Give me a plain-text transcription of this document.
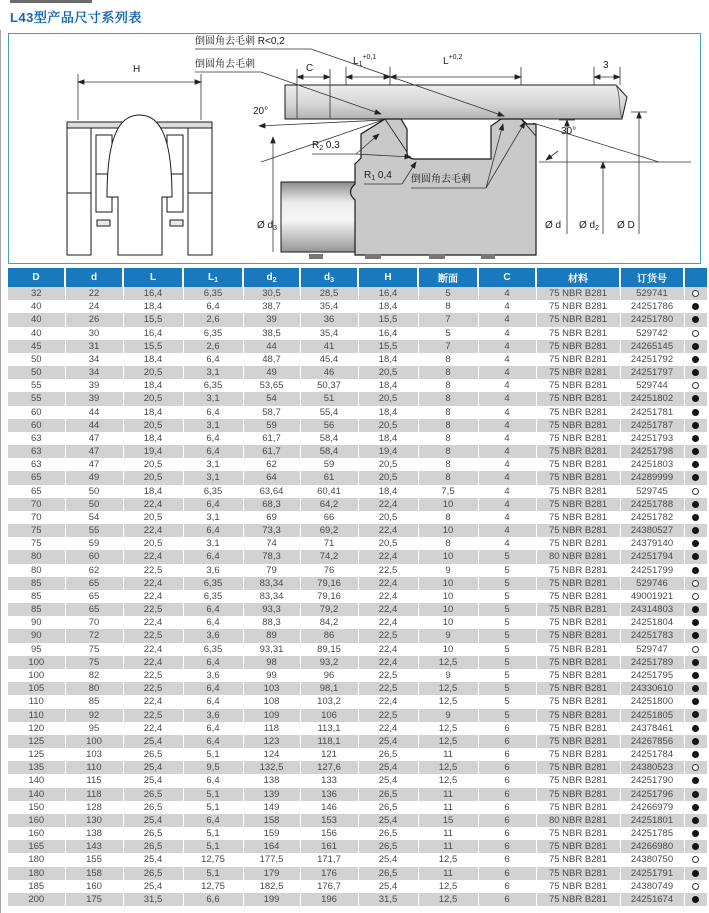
L43型产品尺寸系列表
倒圆角去毛刺 R<0,2
倒圆角去毛刺
H	C
$L_1^{+0,1}$	$L^{+0,2}$
3
20°
$R_2$ 0,3
$R_1$ 0,4 倒圆角去毛刺
30°
Ø $d_3$	Ø d Ø $d_2$ Ø D
D	d	L	$L_1$	$d_2$	$d_3$	H	断面	C	材料	订货号	
32	22	16,4	6,35	30,5	28,5	16,4	5	4	75 NBR B281	529741	
40	24	18,4	6,4	38,7	35,4	18,4	8	4	75 NBR B281	24251786	
40	26	15,5	2,6	39	36	15,5	7	4	75 NBR B281	24251780	
40	30	16,4	6,35	38,5	35,4	16,4	5	4	75 NBR B281	529742	
45	31	15,5	2,6	44	41	15,5	7	4	75 NBR B281	24265145	
50	34	18,4	6,4	48,7	45,4	18,4	8	4	75 NBR B281	24251792	
50	34	20,5	3,1	49	46	20,5	8	4	75 NBR B281	24251797	
55	39	18,4	6,35	53,65	50,37	18,4	8	4	75 NBR B281	529744	
55	39	20,5	3,1	54	51	20,5	8	4	75 NBR B281	24251802	
60	44	18,4	6,4	58,7	55,4	18,4	8	4	75 NBR B281	24251781	
60	44	20,5	3,1	59	56	20,5	8	4	75 NBR B281	24251787	
63	47	18,4	6,4	61,7	58,4	18,4	8	4	75 NBR B281	24251793	
63	47	19,4	6,4	61,7	58,4	19,4	8	4	75 NBR B281	24251798	
63	47	20,5	3,1	62	59	20,5	8	4	75 NBR B281	24251803	
65	49	20,5	3,1	64	61	20,5	8	4	75 NBR B281	24289999	
65	50	18,4	6,35	63,64	60,41	18,4	7,5	4	75 NBR B281	529745	
70	50	22,4	6,4	68,3	64,2	22,4	10	4	75 NBR B281	24251788	
70	54	20,5	3,1	69	66	20,5	8	4	75 NBR B281	24251782	
75	55	22,4	6,4	73,3	69,2	22,4	10	4	75 NBR B281	24380527	
75	59	20,5	3,1	74	71	20,5	8	4	75 NBR B281	24379140	
80	60	22,4	6,4	78,3	74,2	22,4	10	5	80 NBR B281	24251794	
80	62	22,5	3,6	79	76	22,5	9	5	75 NBR B281	24251799	
85	65	22,4	6,35	83,34	79,16	22,4	10	5	75 NBR B281	529746	
85	65	22,4	6,35	83,34	79,16	22,4	10	5	75 NBR B281	49001921	
85	65	22,5	6,4	93,3	79,2	22,4	10	5	75 NBR B281	24314803	
90	70	22,4	6,4	88,3	84,2	22,4	10	5	75 NBR B281	24251804	
90	72	22,5	3,6	89	86	22,5	9	5	75 NBR B281	24251783	
95	75	22,4	6,35	93,31	89,15	22,4	10	5	75 NBR B281	529747	
100	75	22,4	6,4	98	93,2	22,4	12,5	5	75 NBR B281	24251789	
100	82	22,5	3,6	99	96	22,5	9	5	75 NBR B281	24251795	
105	80	22,5	6,4	103	98,1	22,5	12,5	5	75 NBR B281	24330610	
110	85	22,4	6,4	108	103,2	22,4	12,5	5	75 NBR B281	24251800	
110	92	22,5	3,6	109	106	22,5	9	5	75 NBR B281	24251805	
120	95	22,4	6,4	118	113,1	22,4	12,5	6	75 NBR B281	24378461	
125	100	25,4	6,4	123	118,1	25,4	12,5	6	75 NBR B281	24267856	
125	103	26,5	5,1	124	121	26,5	11	6	75 NBR B281	24251784	
135	110	25,4	9,5	132,5	127,6	25,4	12,5	6	75 NBR B281	24380523	
140	115	25,4	6,4	138	133	25,4	12,5	6	75 NBR B281	24251790	
140	118	26,5	5,1	139	136	26,5	11	6	75 NBR B281	24251796	
150	128	26,5	5,1	149	146	26,5	11	6	75 NBR B281	24266979	
160	130	25,4	6,4	158	153	25,4	15	6	80 NBR B281	24251801	
160	138	26,5	5,1	159	156	26,5	11	6	75 NBR B281	24251785	
165	143	26,5	5,1	164	161	26,5	11	6	75 NBR B281	24266980	
180	155	25,4	12,75	177,5	171,7	25,4	12,5	6	75 NBR B281	24380750	
180	158	26,5	5,1	179	176	26,5	11	6	75 NBR B281	24251791	
185	160	25,4	12,75	182,5	176,7	25,4	12,5	6	75 NBR B281	24380749	
200	175	31,5	6,6	199	196	31,5	12,5	6	75 NBR B281	24251674	
